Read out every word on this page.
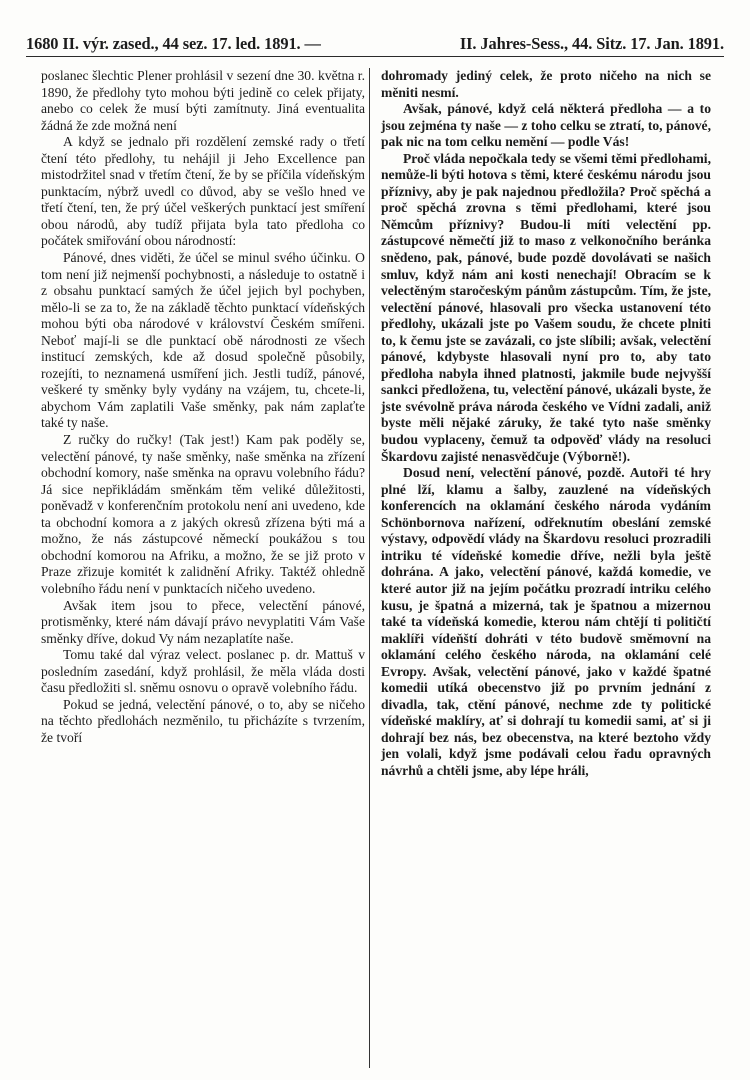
1680 II. výr. zased., 44 sez. 17. led. 1891. —	II. Jahres-Sess., 44. Sitz. 17. Jan. 1891.

poslanec šlechtic Plener prohlásil v sezení dne 30. května r. 1890, že předlohy tyto mohou býti jedině co celek přijaty, anebo co celek že musí býti zamítnuty. Jiná eventualita žádná že zde možná není

A když se jednalo při rozdělení zemské rady o třetí čtení této předlohy, tu nehájil ji Jeho Excellence pan mistodržitel snad v třetím čtení, že by se příčila vídeňským punktacím, nýbrž uvedl co důvod, aby se vešlo hned ve třetí čtení, ten, že prý účel veškerých punktací jest smíření obou národů, aby tudíž přijata byla tato předloha co počátek smiřování obou národností:

Pánové, dnes viděti, že účel se minul svého účinku. O tom není již nejmenší pochybnosti, a následuje to ostatně i z obsahu punktací samých že účel jejich byl pochyben, mělo-li se za to, že na základě těchto punktací vídeňských mohou býti oba národové v království Českém smířeni. Neboť mají-li se dle punktací obě národnosti ze všech institucí zemských, kde až dosud společně působily, rozejíti, to neznamená usmíření jich. Jestli tudíž, pánové, veškeré ty směnky byly vydány na vzájem, tu, chcete-li, abychom Vám zaplatili Vaše směnky, pak nám zaplaťte také ty naše.

Z ručky do ručky! (Tak jest!) Kam pak poděly se, velectění pánové, ty naše směnky, naše směnka na zřízení obchodní komory, naše směnka na opravu volebního řádu? Já sice nepřikládám směnkám těm veliké důležitosti, poněvadž v konferenčním protokolu není ani uvedeno, kde ta obchodní komora a z jakých okresů zřízena býti má a možno, že nás zástupcové německí poukážou s tou obchodní komorou na Afriku, a možno, že se již proto v Praze zřizuje komitét k zalidnění Afriky. Taktéž ohledně volebního řádu není v punktacích ničeho uvedeno.

Avšak item jsou to přece, velectění pánové, protisměnky, které nám dávají právo nevyplatiti Vám Vaše směnky dříve, dokud Vy nám nezaplatíte naše.

Tomu také dal výraz velect. poslanec p. dr. Mattuš v posledním zasedání, když prohlásil, že měla vláda dosti času předložiti sl. sněmu osnovu o opravě volebního řádu.

Pokud se jedná, velectění pánové, o to, aby se ničeho na těchto předlohách nezměnilo, tu přicházíte s tvrzením, že tvoří

dohromady jediný celek, že proto ničeho na nich se měniti nesmí.

Avšak, pánové, když celá některá předloha — a to jsou zejména ty naše — z toho celku se ztratí, to, pánové, pak nic na tom celku nemění — podle Vás!

Proč vláda nepočkala tedy se všemi těmi předlohami, nemůže-li býti hotova s těmi, které českému národu jsou příznivy, aby je pak najednou předložila? Proč spěchá a proč spěchá zrovna s těmi předlohami, které jsou Němcům příznivy? Budou-li míti velectění pp. zástupcové němečtí již to maso z velkonočního beránka snědeno, pak, pánové, bude pozdě dovolávati se našich smluv, když nám ani kosti nenechají! Obracím se k velectěným staročeským pánům zástupcům. Tím, že jste, velectění pánové, hlasovali pro všecka ustanovení této předlohy, ukázali jste po Vašem soudu, že chcete plniti to, k čemu jste se zavázali, co jste slíbili; avšak, velectění pánové, kdybyste hlasovali nyní pro to, aby tato předloha nabyla ihned platnosti, jakmile bude nejvyšší sankci předložena, tu, velectění pánové, ukázali byste, že jste svévolně práva národa českého ve Vídni zadali, aniž byste měli nějaké záruky, že také tyto naše směnky budou vyplaceny, čemuž ta odpověď vlády na resoluci Škardovu zajisté nenasvědčuje (Výborně!).

Dosud není, velectění pánové, pozdě. Autoři té hry plné lží, klamu a šalby, zauzlené na vídeňských konferencích na oklamání českého národa vydáním Schönbornova nařízení, odřeknutím obeslání zemské výstavy, odpovědí vlády na Škardovu resoluci prozradili intriku té vídeňské komedie dříve, nežli byla ještě dohrána. A jako, velectění pánové, každá komedie, ve které autor již na jejím počátku prozradí intriku celého kusu, je špatná a mizerná, tak je špatnou a mizernou také ta vídeňská komedie, kterou nám chtějí ti političtí maklíři vídeňští dohráti v této budově směmovní na oklamání celého českého národa, na oklamání celé Evropy. Avšak, velectění pánové, jako v každé špatné komedii utíká obecenstvo již po prvním jednání z divadla, tak, ctění pánové, nechme zde ty politické vídeňské maklíry, ať si dohrají tu komedii sami, ať si ji dohrají bez nás, bez obecenstva, na které beztoho vždy jen volali, když jsme podávali celou řadu opravných návrhů a chtěli jsme, aby lépe hráli,
